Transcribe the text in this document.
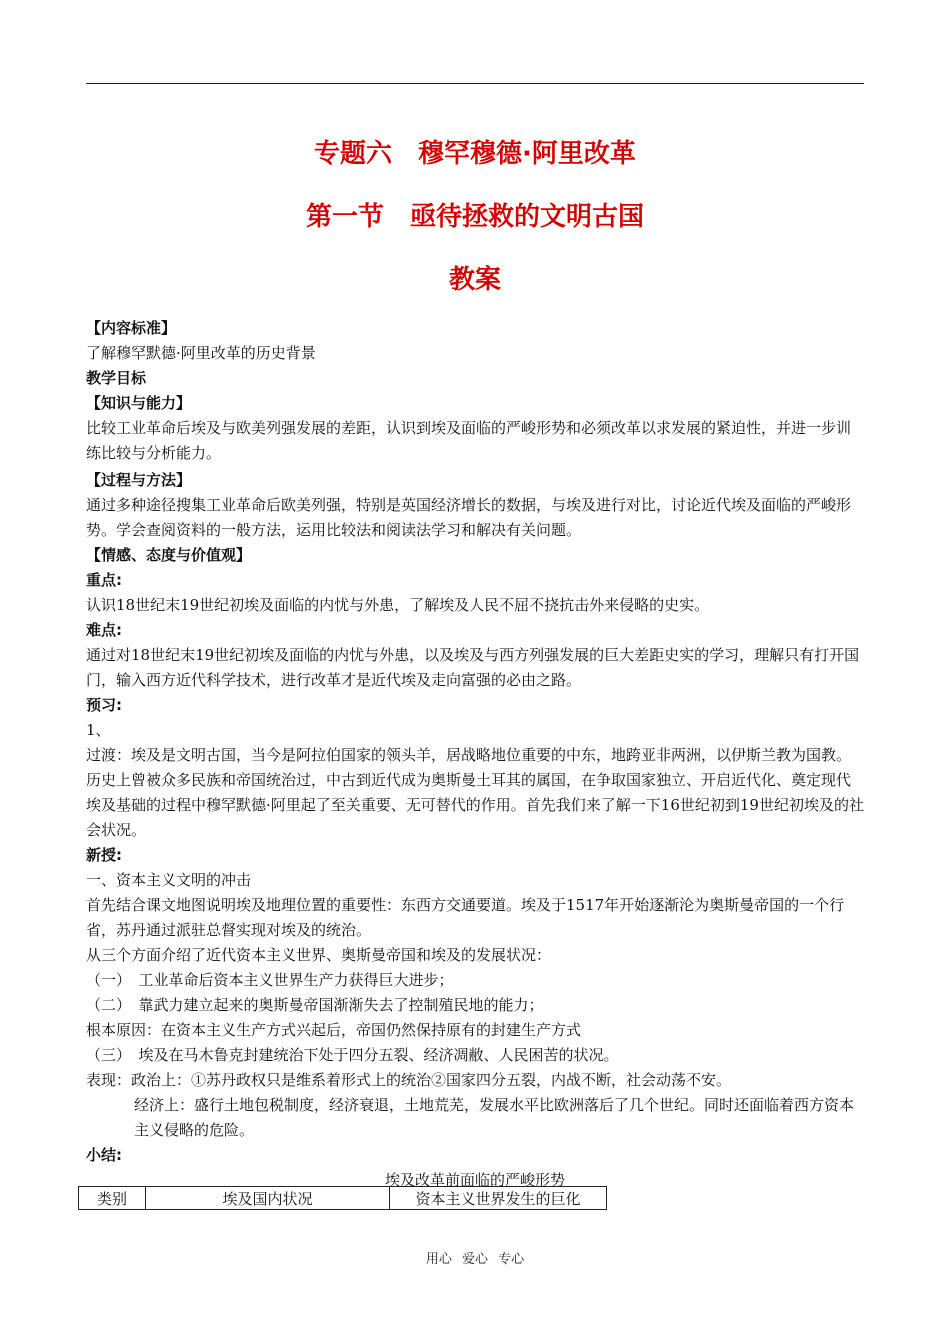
专题六　穆罕穆德·阿里改革
第一节　亟待拯救的文明古国
教案

【内容标准】

了解穆罕默德·阿里改革的历史背景

教学目标

【知识与能力】

比较工业革命后埃及与欧美列强发展的差距，认识到埃及面临的严峻形势和必须改革以求发展的紧迫性，并进一步训练比较与分析能力。

【过程与方法】

通过多种途径搜集工业革命后欧美列强，特别是英国经济增长的数据，与埃及进行对比，讨论近代埃及面临的严峻形势。学会查阅资料的一般方法，运用比较法和阅读法学习和解决有关问题。

【情感、态度与价值观】

重点:

认识18世纪末19世纪初埃及面临的内忧与外患，了解埃及人民不屈不挠抗击外来侵略的史实。

难点:

通过对18世纪末19世纪初埃及面临的内忧与外患，以及埃及与西方列强发展的巨大差距史实的学习，理解只有打开国门，输入西方近代科学技术，进行改革才是近代埃及走向富强的必由之路。

预习:

1、

过渡：埃及是文明古国，当今是阿拉伯国家的领头羊，居战略地位重要的中东，地跨亚非两洲，以伊斯兰教为国教。历史上曾被众多民族和帝国统治过，中古到近代成为奥斯曼土耳其的属国，在争取国家独立、开启近代化、奠定现代埃及基础的过程中穆罕默德·阿里起了至关重要、无可替代的作用。首先我们来了解一下16世纪初到19世纪初埃及的社会状况。

新授:

一、资本主义文明的冲击

首先结合课文地图说明埃及地理位置的重要性：东西方交通要道。埃及于1517年开始逐渐沦为奥斯曼帝国的一个行省，苏丹通过派驻总督实现对埃及的统治。

从三个方面介绍了近代资本主义世界、奥斯曼帝国和埃及的发展状况：

（一）　工业革命后资本主义世界生产力获得巨大进步；

（二）　靠武力建立起来的奥斯曼帝国渐渐失去了控制殖民地的能力；

根本原因：在资本主义生产方式兴起后，帝国仍然保持原有的封建生产方式

（三）　埃及在马木鲁克封建统治下处于四分五裂、经济凋敝、人民困苦的状况。

表现：政治上：①苏丹政权只是维系着形式上的统治②国家四分五裂，内战不断，社会动荡不安。

经济上：盛行土地包税制度，经济衰退，土地荒芜，发展水平比欧洲落后了几个世纪。同时还面临着西方资本主义侵略的危险。

小结:

埃及改革前面临的严峻形势

类别	埃及国内状况	资本主义世界发生的巨化
用心 爱心 专心
